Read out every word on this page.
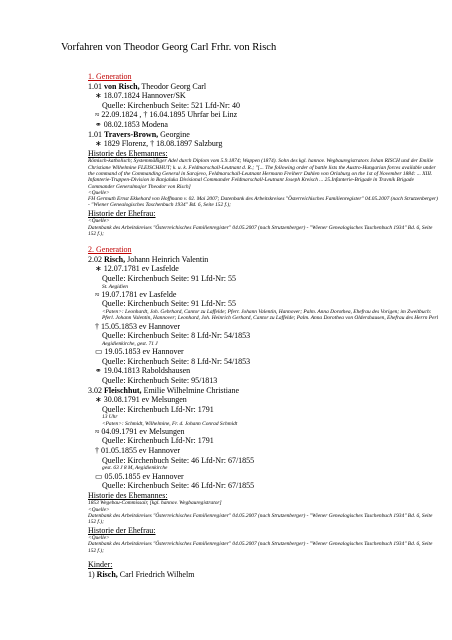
Vorfahren von Theodor Georg Carl Frhr. von Risch
1. Generation
1.01 von Risch, Theodor Georg Carl
∗ 18.07.1824 Hannover/SK
Quelle: Kirchenbuch Seite: 521 Lfd-Nr: 40
≈ 22.09.1824 , † 16.04.1895 Uhrfar bei Linz
⚭ 08.02.1853 Modena
1.01 Travers-Brown, Georgine
∗ 1829 Florenz, † 18.08.1897 Salzburg
Historie des Ehemannes:
Römisch-katholisch; Systemmäßiger Adel durch Diplom vom 5.9.1874; Wappen (1874). Sohn des kgl. hannov. Wegbauregistrators Johan RISCH und der Emilie Christiane Wilhelmine FLEISCHHUT; k. u. k. Feldmarschall-Leutnant d. R.; "[... The following order of battle lists the Austro-Hungarian forces available under the command of the Commanding General in Sarajevo, Feldmarschall-Leutnant Hermann Freiherr Dahlen von Orlaburg on the 1st of November 1884: ... XIII. Infanterie-Truppen-Division in Banjaluka Divisional Commander Feldmarschall-Leutnant Joseph Kreisch ... 25.Infanterie-Brigade in Travnik Brigade Commander Generalmajor Theodor von Risch]
<Quelle>
FH Germuth Ernst Ekkehard von Hoffmann v. 02. Mai 2007; Datenbank des Arbeitskreises "Österreichisches Familienregister" 04.05.2007 (nach Strutzenberger) - "Wiener Genealogisches Taschenbuch 1934" Bd. 6, Seite 152 f.);
Historie der Ehefrau:
<Quelle>
Datenbank des Arbeitskreises "Österreichisches Familienregister" 04.05.2007 (nach Strutzenberger) - "Wiener Genealogisches Taschenbuch 1934" Bd. 6, Seite 152 f.);
2. Generation
2.02 Risch, Johann Heinrich Valentin
∗ 12.07.1781 ev Lasfelde
Quelle: Kirchenbuch Seite: 91 Lfd-Nr: 55
St. Aegidien
≈ 19.07.1781 ev Lasfelde
Quelle: Kirchenbuch Seite: 91 Lfd-Nr: 55
<Paten>: Leonhardt, Joh. Gebrhard, Cantor zu Laffelde; Pferr. Johann Valentin, Hannover; Palm. Anna Dorothea, Ehefrau des Vorigen; im Zweitbuch: Pferl. Johann Valentin, Hannover; Leonhard, Joh. Heinrich Gerhard, Cantor zu Laffelde; Palm. Anna Dorothea von Oldershausen, Ehefrau des Herrn Perl
† 15.05.1853 ev Hannover
Quelle: Kirchenbuch Seite: 8 Lfd-Nr: 54/1853
Aegidienkirche, gest. 71 J
▭ 19.05.1853 ev Hannover
Quelle: Kirchenbuch Seite: 8 Lfd-Nr: 54/1853
⚭ 19.04.1813 Raboldshausen
Quelle: Kirchenbuch Seite: 95/1813
3.02 Fleischhut, Emilie Wilhelmine Christiane
∗ 30.08.1791 ev Melsungen
Quelle: Kirchenbuch Lfd-Nr: 1791
13 Uhr
<Paten>: Schmidt, Wilhelmine, Fr. d. Johann Conrad Schmidt
≈ 04.09.1791 ev Melsungen
Quelle: Kirchenbuch Lfd-Nr: 1791
† 01.05.1855 ev Hannover
Quelle: Kirchenbuch Seite: 46 Lfd-Nr: 67/1855
gest. 63 J 8 M, Aegidienkirche
▭ 05.05.1855 ev Hannover
Quelle: Kirchenbuch Seite: 46 Lfd-Nr: 67/1855
Historie des Ehemannes:
1853 Wegebau-Commissair, [kgl. hannov. Wegbauregistrator]
<Quelle>
Datenbank des Arbeitskreises "Österreichisches Familienregister" 04.05.2007 (nach Strutzenberger) - "Wiener Genealogisches Taschenbuch 1934" Bd. 6, Seite 152 f.);
Historie der Ehefrau:
<Quelle>
Datenbank des Arbeitskreises "Österreichisches Familienregister" 04.05.2007 (nach Strutzenberger) - "Wiener Genealogisches Taschenbuch 1934" Bd. 6, Seite 152 f.);
Kinder:
1) Risch, Carl Friedrich Wilhelm
